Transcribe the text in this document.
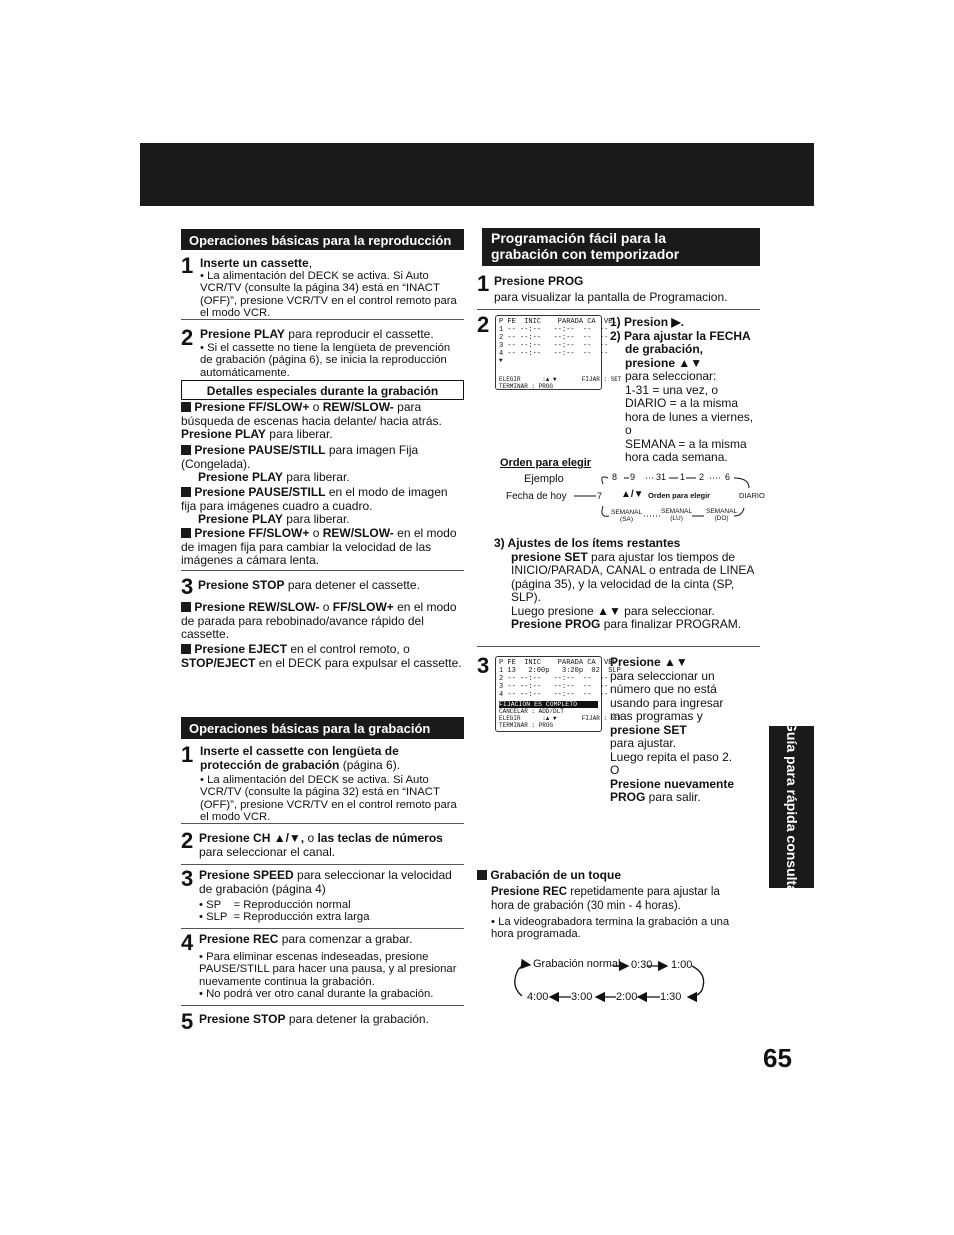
Guía para rápida consulta
Operaciones básicas para la reproducción
1 Inserte un cassette,
• La alimentación del DECK se activa. Si Auto VCR/TV (consulte la página 34) está en “INACT (OFF)”, presione VCR/TV en el control remoto para el modo VCR.
2 Presione PLAY para reproducir el cassette.
• Si el cassette no tiene la lengüeta de prevención de grabación (página 6), se inicia la reproducción automáticamente.
Detalles especiales durante la grabación
Presione FF/SLOW+ o REW/SLOW- para búsqueda de escenas hacia delante/ hacia atrás. Presione PLAY para liberar.
Presione PAUSE/STILL para imagen Fija (Congelada).
Presione PLAY para liberar.
Presione PAUSE/STILL en el modo de imagen fija para imágenes cuadro a cuadro.
Presione PLAY para liberar.
Presione FF/SLOW+ o REW/SLOW- en el modo de imagen fija para cambiar la velocidad de las imágenes a cámara lenta.
3 Presione STOP para detener el cassette.
Presione REW/SLOW- o FF/SLOW+ en el modo de parada para rebobinado/avance rápido del cassette.
Presione EJECT en el control remoto, o STOP/EJECT en el DECK para expulsar el cassette.
Operaciones básicas para la grabación
1 Inserte el cassette con lengüeta de protección de grabación (página 6).
• La alimentación del DECK se activa. Si Auto VCR/TV (consulte la página 32) está en “INACT (OFF)”, presione VCR/TV en el control remoto para el modo VCR.
2 Presione CH ▲/▼, o las teclas de números para seleccionar el canal.
3 Presione SPEED para seleccionar la velocidad de grabación (página 4)
• SP    = Reproducción normal
• SLP  = Reproducción extra larga
4 Presione REC para comenzar a grabar.
• Para eliminar escenas indeseadas, presione PAUSE/STILL para hacer una pausa, y al presionar nuevamente continua la grabación.
• No podrá ver otro canal durante la grabación.
5 Presione STOP para detener la grabación.
Programación fácil para la
grabación con temporizador
1 Presione PROG
para visualizar la pantalla de Programacion.
2 P FE  INIC    PARADA CA  VEL
1 -- --:--   --:--  --  --
2 -- --:--   --:--  --  --
3 -- --:--   --:--  --  --
4 -- --:--   --:--  --  --
▼
ELEGIR      :▲ ▼       FIJAR : SET
TERMINAR : PROG
1) Presion ▶.
2) Para ajustar la FECHA
de grabación,
presione ▲▼
para seleccionar:
1-31 = una vez, o
DIARIO = a la misma
hora de lunes a viernes,
o
SEMANA = a la misma
hora cada semana.
Orden para elegir
Ejemplo
Fecha de hoy
8 9 31 1 2 6
7 ▲/▼ Orden para elegir	DIARIO
SEMANAL
(SA)
SEMANAL
(LU)
SEMANAL
(DO)
3) Ajustes de los ítems restantes
presione SET para ajustar los tiempos de INICIO/PARADA, CANAL o entrada de LINEA (página 35), y la velocidad de la cinta (SP, SLP).
Luego presione ▲▼ para seleccionar.
Presione PROG para finalizar PROGRAM.
3 P FE  INIC    PARADA CA  VEL
1 13   2:00p   3:20p  02  SLP
2 -- --:--   --:--  --  --
3 -- --:--   --:--  --  --
4 -- --:--   --:--  --  --
FIJACION ES COMPLETO
CANCELAR : ADD/DLT
ELEGIR      :▲ ▼       FIJAR : SET
TERMINAR : PROG
Presione ▲▼
para seleccionar un
número que no está
usando para ingresar
mas programas y
presione SET
para ajustar.
Luego repita el paso 2.
O
Presione nuevamente
PROG para salir.
Grabación de un toque
Presione REC repetidamente para ajustar la hora de grabación (30 min - 4 horas).
• La videograbadora termina la grabación a una hora programada.
Grabación normal 0:30 1:00
1:30
2:00
3:00
4:00
65
